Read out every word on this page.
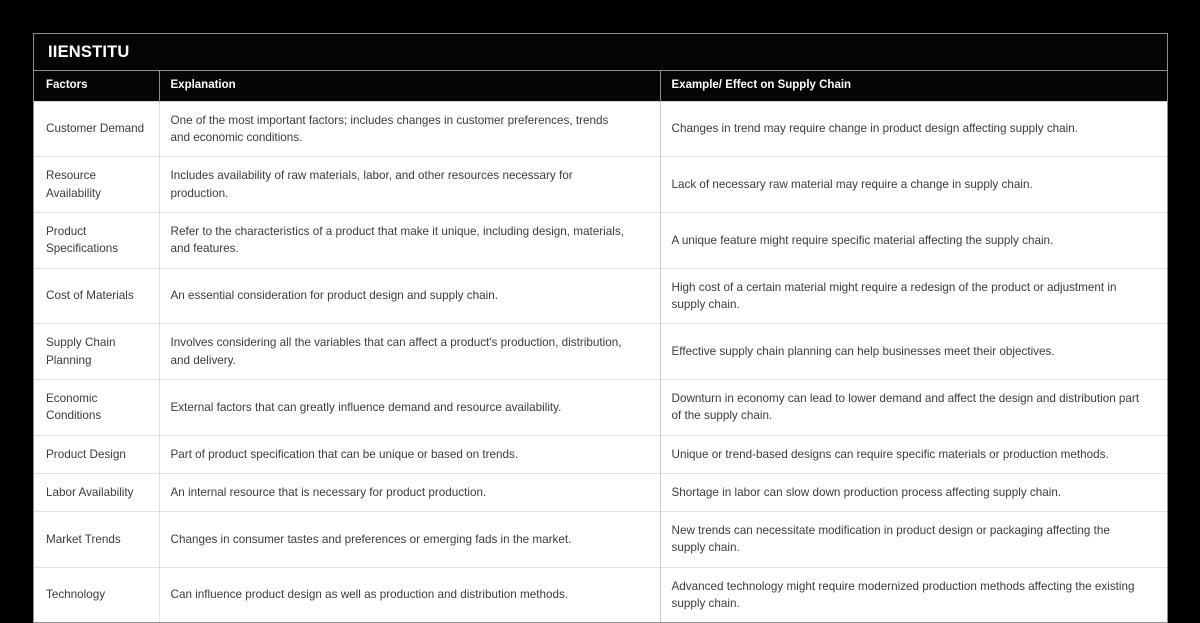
IIENSTITU
Factors	Explanation	Example/ Effect on Supply Chain
Customer Demand	One of the most important factors; includes changes in customer preferences, trends and economic conditions.	Changes in trend may require change in product design affecting supply chain.
Resource Availability	Includes availability of raw materials, labor, and other resources necessary for production.	Lack of necessary raw material may require a change in supply chain.
Product Specifications	Refer to the characteristics of a product that make it unique, including design, materials, and features.	A unique feature might require specific material affecting the supply chain.
Cost of Materials	An essential consideration for product design and supply chain.	High cost of a certain material might require a redesign of the product or adjustment in supply chain.
Supply Chain Planning	Involves considering all the variables that can affect a product's production, distribution, and delivery.	Effective supply chain planning can help businesses meet their objectives.
Economic Conditions	External factors that can greatly influence demand and resource availability.	Downturn in economy can lead to lower demand and affect the design and distribution part of the supply chain.
Product Design	Part of product specification that can be unique or based on trends.	Unique or trend-based designs can require specific materials or production methods.
Labor Availability	An internal resource that is necessary for product production.	Shortage in labor can slow down production process affecting supply chain.
Market Trends	Changes in consumer tastes and preferences or emerging fads in the market.	New trends can necessitate modification in product design or packaging affecting the supply chain.
Technology	Can influence product design as well as production and distribution methods.	Advanced technology might require modernized production methods affecting the existing supply chain.
